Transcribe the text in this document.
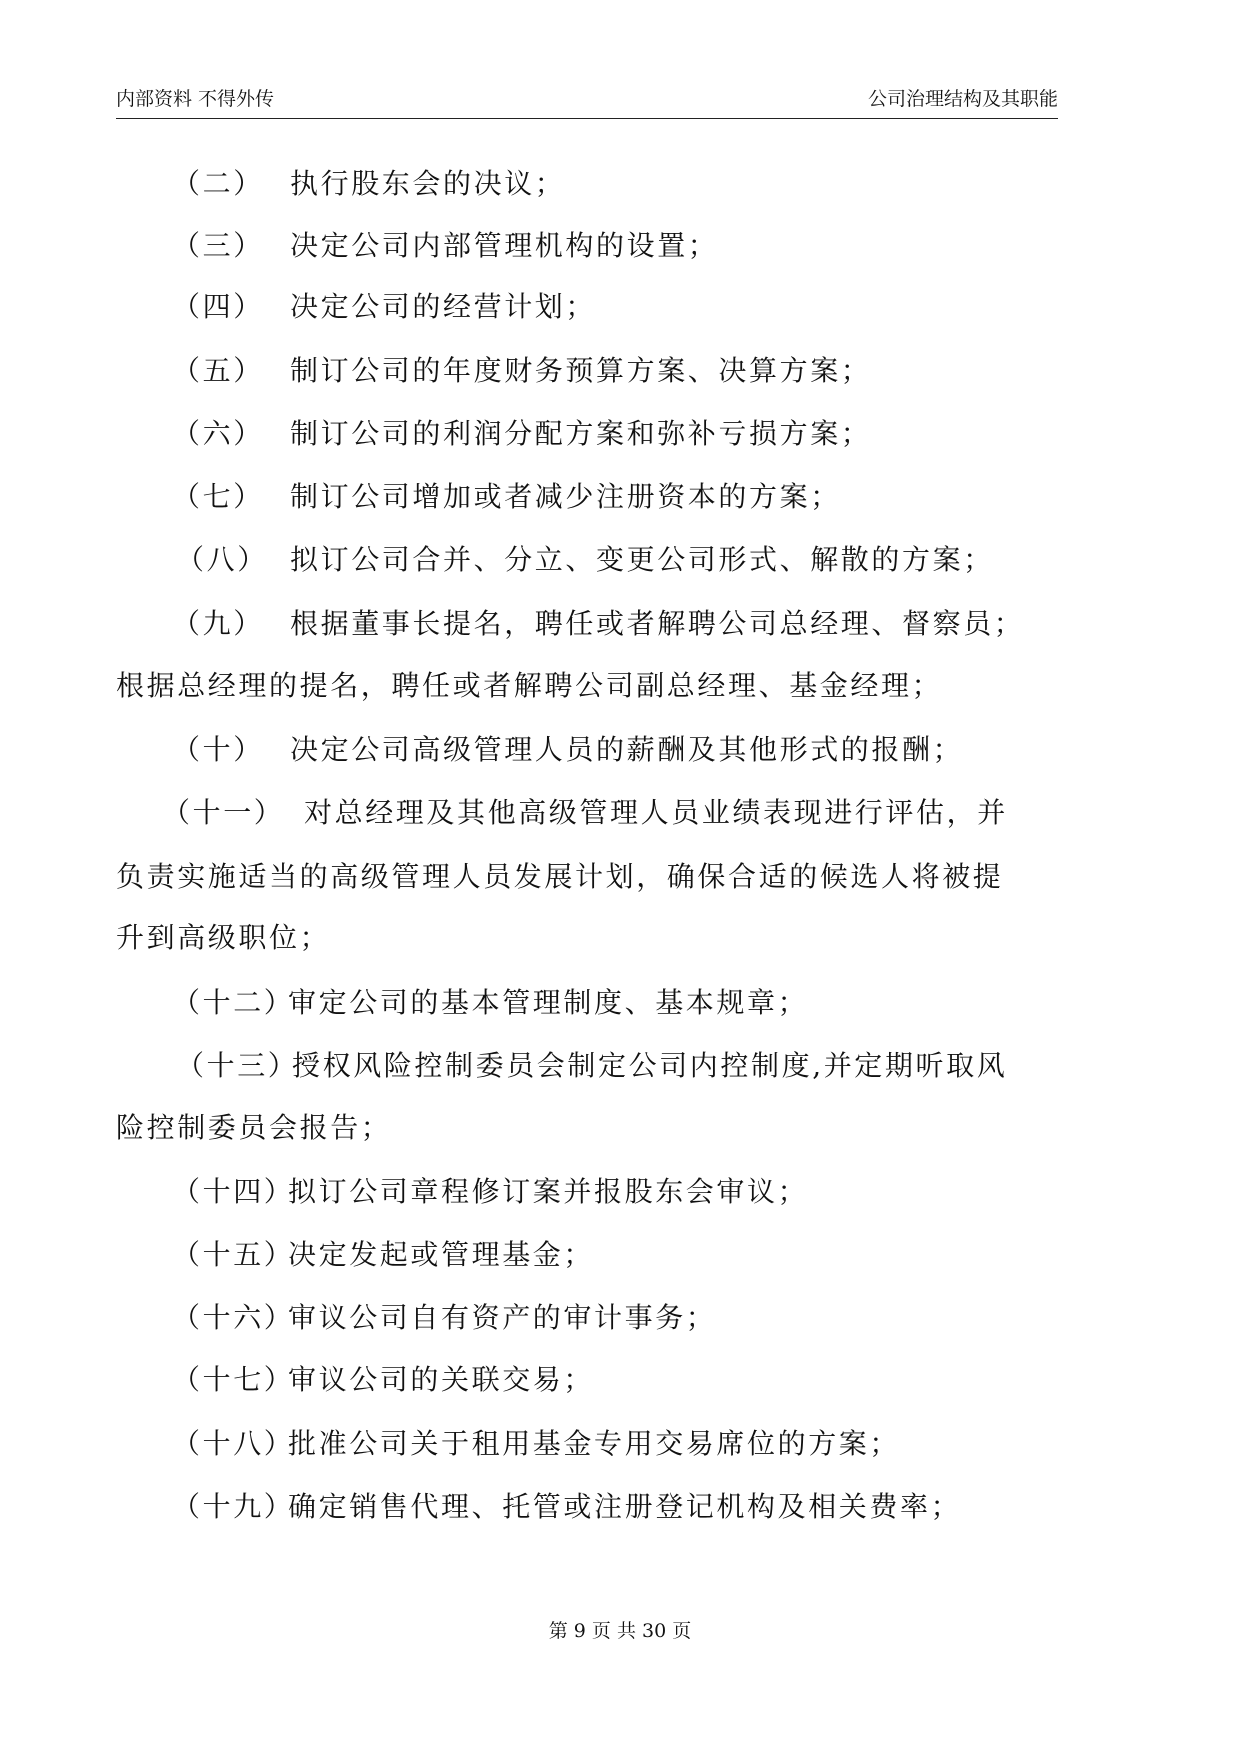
内部资料 不得外传	公司治理结构及其职能
（二） 执行股东会的决议；
（三） 决定公司内部管理机构的设置；
（四） 决定公司的经营计划；
（五） 制订公司的年度财务预算方案、决算方案；
（六） 制订公司的利润分配方案和弥补亏损方案；
（七） 制订公司增加或者减少注册资本的方案；
（八） 拟订公司合并、分立、变更公司形式、解散的方案；
（九） 根据董事长提名，聘任或者解聘公司总经理、督察员；
根据总经理的提名，聘任或者解聘公司副总经理、基金经理；
（十） 决定公司高级管理人员的薪酬及其他形式的报酬；
（十一） 对总经理及其他高级管理人员业绩表现进行评估，并
负责实施适当的高级管理人员发展计划，确保合适的候选人将被提
升到高级职位；
（十二）
审定公司的基本管理制度、基本规章；
（十三）
授权风险控制委员会制定公司内控制度,并定期听取风
险控制委员会报告；
（十四）
拟订公司章程修订案并报股东会审议；
（十五）
决定发起或管理基金；
（十六）
审议公司自有资产的审计事务；
（十七）
审议公司的关联交易；
（十八）
批准公司关于租用基金专用交易席位的方案；
（十九）
确定销售代理、托管或注册登记机构及相关费率；
第 9 页 共 30 页
